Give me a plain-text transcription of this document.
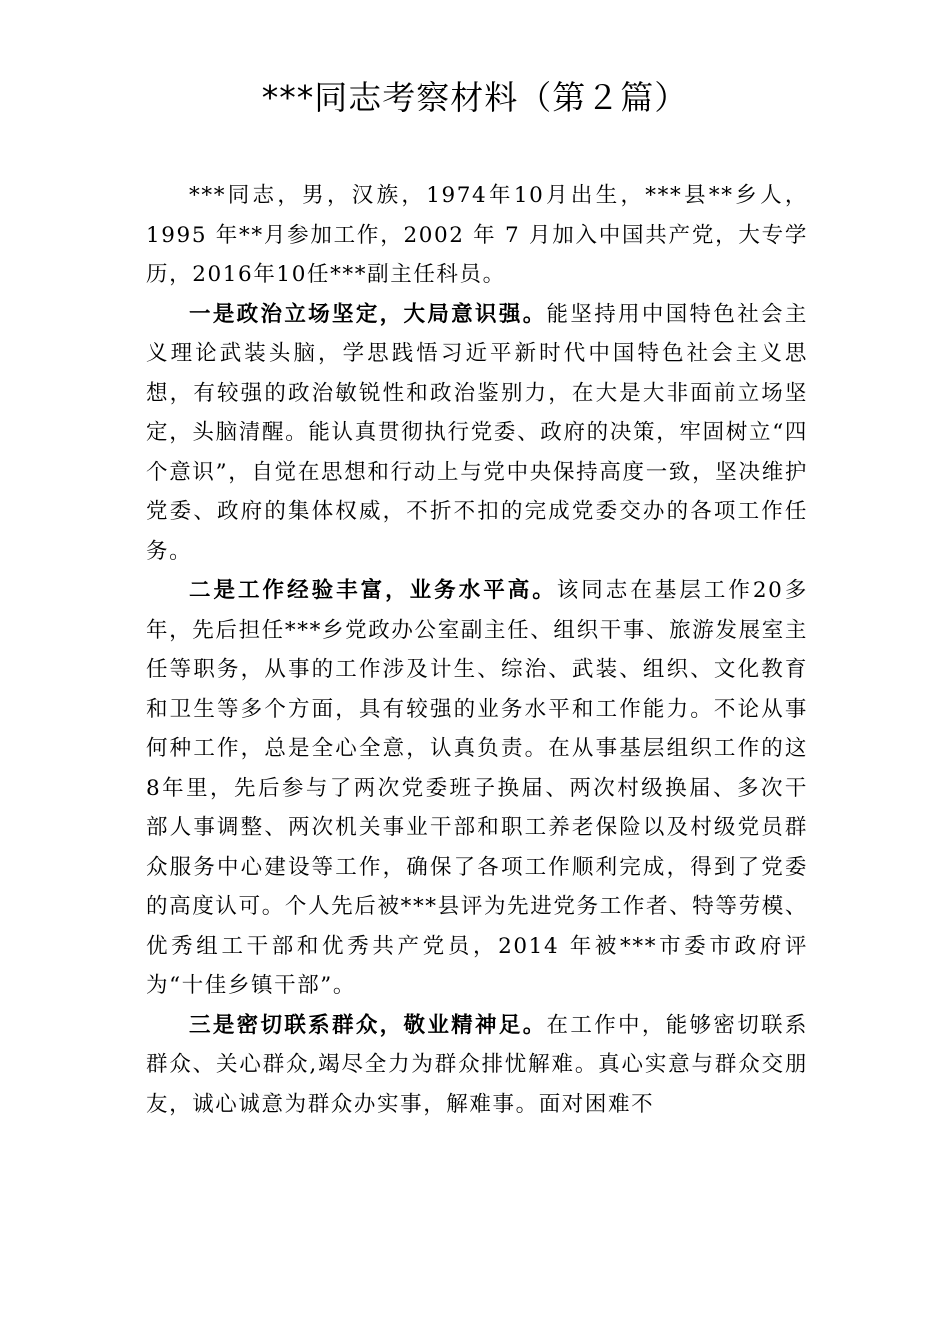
***同志考察材料（第２篇）

***同志，男，汉族，1974年10月出生，***县**乡人，1995 年**月参加工作，2002 年 7 月加入中国共产党，大专学历，2016年10任***副主任科员。

一是政治立场坚定，大局意识强。能坚持用中国特色社会主义理论武装头脑，学思践悟习近平新时代中国特色社会主义思想，有较强的政治敏锐性和政治鉴别力，在大是大非面前立场坚定，头脑清醒。能认真贯彻执行党委、政府的决策，牢固树立“四个意识”，自觉在思想和行动上与党中央保持高度一致，坚决维护党委、政府的集体权威，不折不扣的完成党委交办的各项工作任务。

二是工作经验丰富，业务水平高。该同志在基层工作20多年，先后担任***乡党政办公室副主任、组织干事、旅游发展室主任等职务，从事的工作涉及计生、综治、武装、组织、文化教育和卫生等多个方面，具有较强的业务水平和工作能力。不论从事何种工作，总是全心全意，认真负责。在从事基层组织工作的这8年里，先后参与了两次党委班子换届、两次村级换届、多次干部人事调整、两次机关事业干部和职工养老保险以及村级党员群众服务中心建设等工作，确保了各项工作顺利完成，得到了党委的高度认可。个人先后被***县评为先进党务工作者、特等劳模、优秀组工干部和优秀共产党员，2014 年被***市委市政府评为“十佳乡镇干部”。

三是密切联系群众，敬业精神足。在工作中，能够密切联系群众、关心群众,竭尽全力为群众排忧解难。真心实意与群众交朋友，诚心诚意为群众办实事，解难事。面对困难不
